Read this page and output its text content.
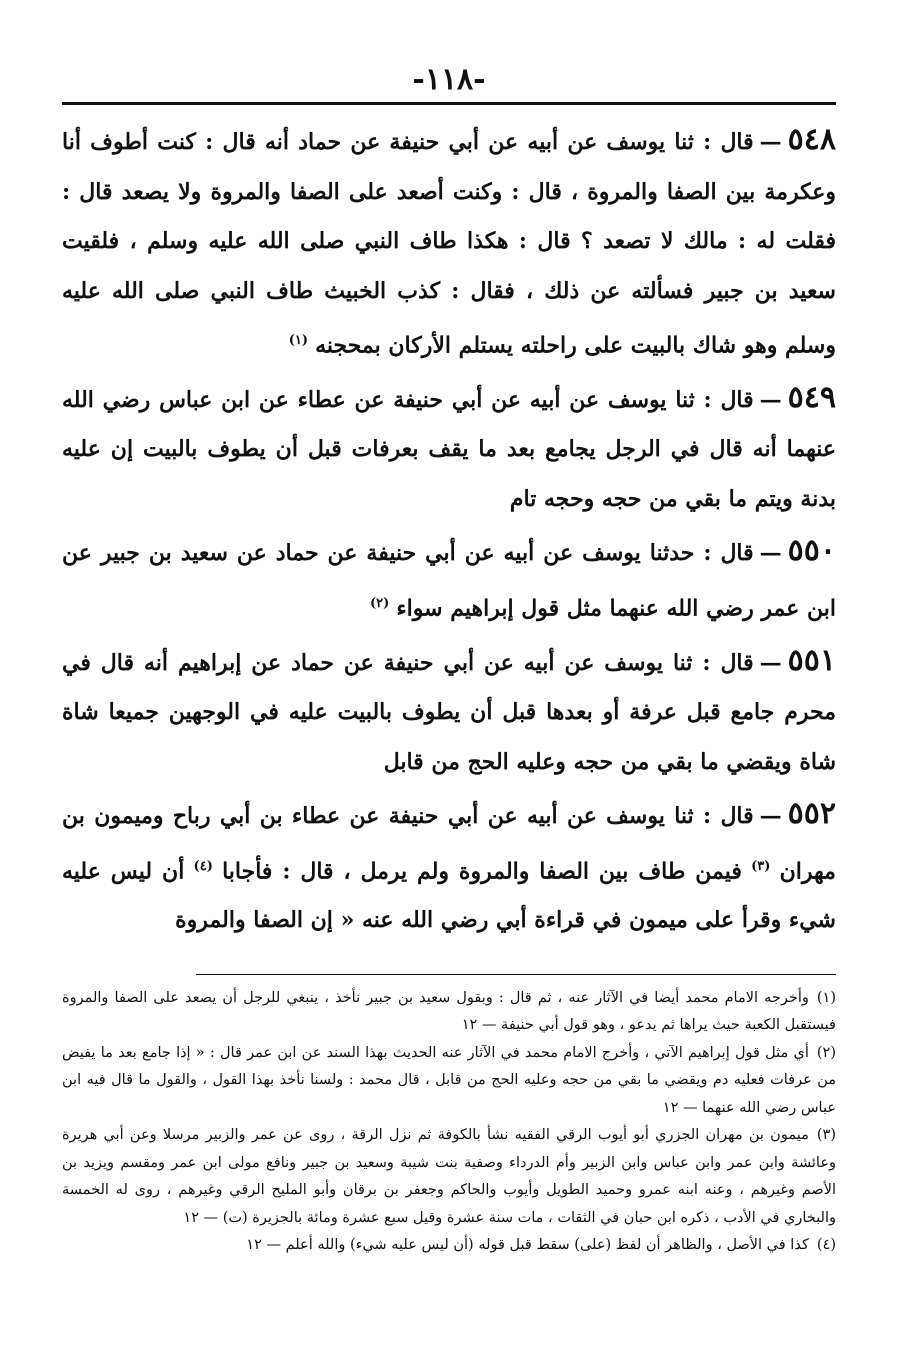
-١١٨-

٥٤٨—قال : ثنا يوسف عن أبيه عن أبي حنيفة عن حماد أنه قال : كنت أطوف أنا وعكرمة بين الصفا والمروة ، قال : وكنت أصعد على الصفا والمروة ولا يصعد قال : فقلت له : مالك لا تصعد ؟ قال : هكذا طاف النبي صلى الله عليه وسلم ، فلقيت سعيد بن جبير فسألته عن ذلك ، فقال : كذب الخبيث طاف النبي صلى الله عليه وسلم وهو شاك بالبيت على راحلته يستلم الأركان بمحجنه $^{(١)}$

٥٤٩—قال : ثنا يوسف عن أبيه عن أبي حنيفة عن عطاء عن ابن عباس رضي الله عنهما أنه قال في الرجل يجامع بعد ما يقف بعرفات قبل أن يطوف بالبيت إن عليه بدنة ويتم ما بقي من حجه وحجه تام

٥٥٠—قال : حدثنا يوسف عن أبيه عن أبي حنيفة عن حماد عن سعيد بن جبير عن ابن عمر رضي الله عنهما مثل قول إبراهيم سواء $^{(٢)}$

٥٥١—قال : ثنا يوسف عن أبيه عن أبي حنيفة عن حماد عن إبراهيم أنه قال في محرم جامع قبل عرفة أو بعدها قبل أن يطوف بالبيت عليه في الوجهين جميعا شاة شاة ويقضي ما بقي من حجه وعليه الحج من قابل

٥٥٢—قال : ثنا يوسف عن أبيه عن أبي حنيفة عن عطاء بن أبي رباح وميمون بن مهران $^{(٣)}$ فيمن طاف بين الصفا والمروة ولم يرمل ، قال : فأجابا $^{(٤)}$ أن ليس عليه شيء وقرأ على ميمون في قراءة أبي رضي الله عنه « إن الصفا والمروة

(١)وأخرجه الامام محمد أيضا في الآثار عنه ، ثم قال : وبقول سعيد بن جبير نأخذ ، ينبغي للرجل أن يصعد على الصفا والمروة فيستقبل الكعبة حيث يراها ثم يدعو ، وهو قول أبي حنيفة — ١٢

(٢)أي مثل قول إبراهيم الآتي ، وأخرج الامام محمد في الآثار عنه الحديث بهذا السند عن ابن عمر قال : « إذا جامع بعد ما يفيض من عرفات فعليه دم ويقضي ما بقي من حجه وعليه الحج من قابل ، قال محمد : ولسنا نأخذ بهذا القول ، والقول ما قال فيه ابن عباس رضي الله عنهما — ١٢

(٣)ميمون بن مهران الجزري أبو أيوب الرقي الفقيه نشأ بالكوفة ثم نزل الرقة ، روى عن عمر والزبير مرسلا وعن أبي هريرة وعائشة وابن عمر وابن عباس وابن الزبير وأم الدرداء وصفية بنت شيبة وسعيد بن جبير ونافع مولى ابن عمر ومقسم ويزيد بن الأصم وغيرهم ، وعنه ابنه عمرو وحميد الطويل وأيوب والحاكم وجعفر بن برقان وأبو المليح الرقي وغيرهم ، روى له الخمسة والبخاري في الأدب ، ذكره ابن حبان في الثقات ، مات سنة عشرة وقيل سبع عشرة ومائة بالجزيرة (ت) — ١٢

(٤)كذا في الأصل ، والظاهر أن لفظ (على) سقط قبل قوله (أن ليس عليه شيء) والله أعلم — ١٢
